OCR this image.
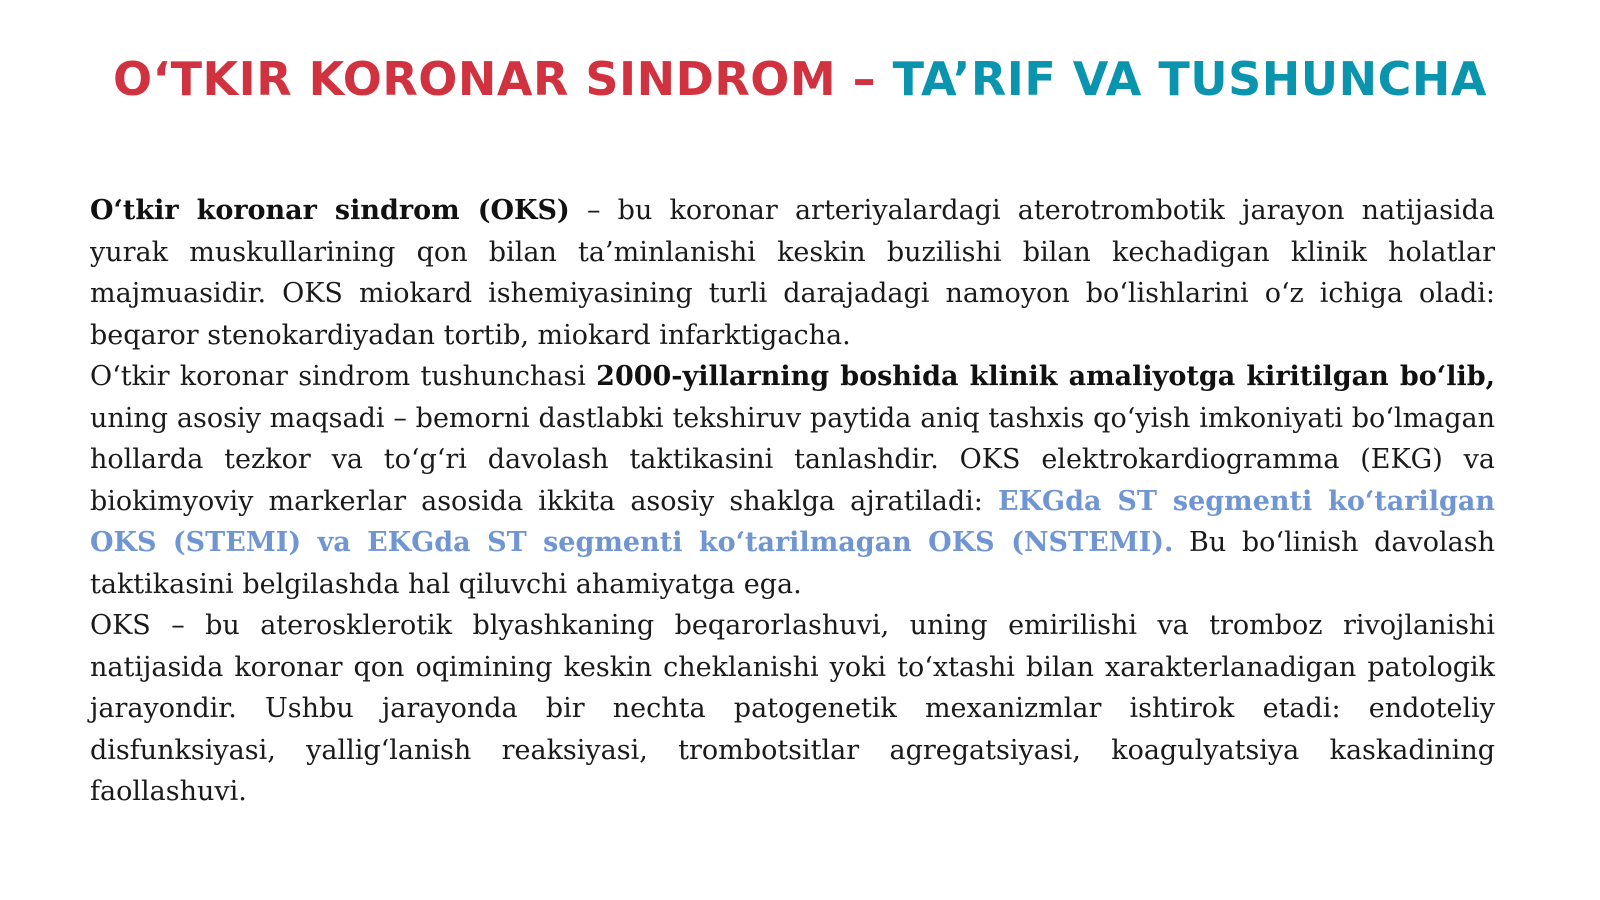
O‘TKIR KORONAR SINDROM – TA’RIF VA TUSHUNCHA

O‘tkir koronar sindrom (OKS) – bu koronar arteriyalardagi aterotrombotik jarayon natijasida yurak muskullarining qon bilan ta’minlanishi keskin buzilishi bilan kechadigan klinik holatlar majmuasidir. OKS miokard ishemiyasining turli darajadagi namoyon bo‘lishlarini o‘z ichiga oladi: beqaror stenokardiyadan tortib, miokard infarktigacha.

O‘tkir koronar sindrom tushunchasi 2000-yillarning boshida klinik amaliyotga kiritilgan bo‘lib, uning asosiy maqsadi – bemorni dastlabki tekshiruv paytida aniq tashxis qo‘yish imkoniyati bo‘lmagan hollarda tezkor va to‘g‘ri davolash taktikasini tanlashdir. OKS elektrokardiogramma (EKG) va biokimyoviy markerlar asosida ikkita asosiy shaklga ajratiladi: EKGda ST segmenti ko‘tarilgan OKS (STEMI) va EKGda ST segmenti ko‘tarilmagan OKS (NSTEMI). Bu bo‘linish davolash taktikasini belgilashda hal qiluvchi ahamiyatga ega.

OKS – bu aterosklerotik blyashkaning beqarorlashuvi, uning emirilishi va tromboz rivojlanishi natijasida koronar qon oqimining keskin cheklanishi yoki to‘xtashi bilan xarakterlanadigan patologik jarayondir. Ushbu jarayonda bir nechta patogenetik mexanizmlar ishtirok etadi: endoteliy disfunksiyasi, yallig‘lanish reaksiyasi, trombotsitlar agregatsiyasi, koagulyatsiya kaskadining faollashuvi.
